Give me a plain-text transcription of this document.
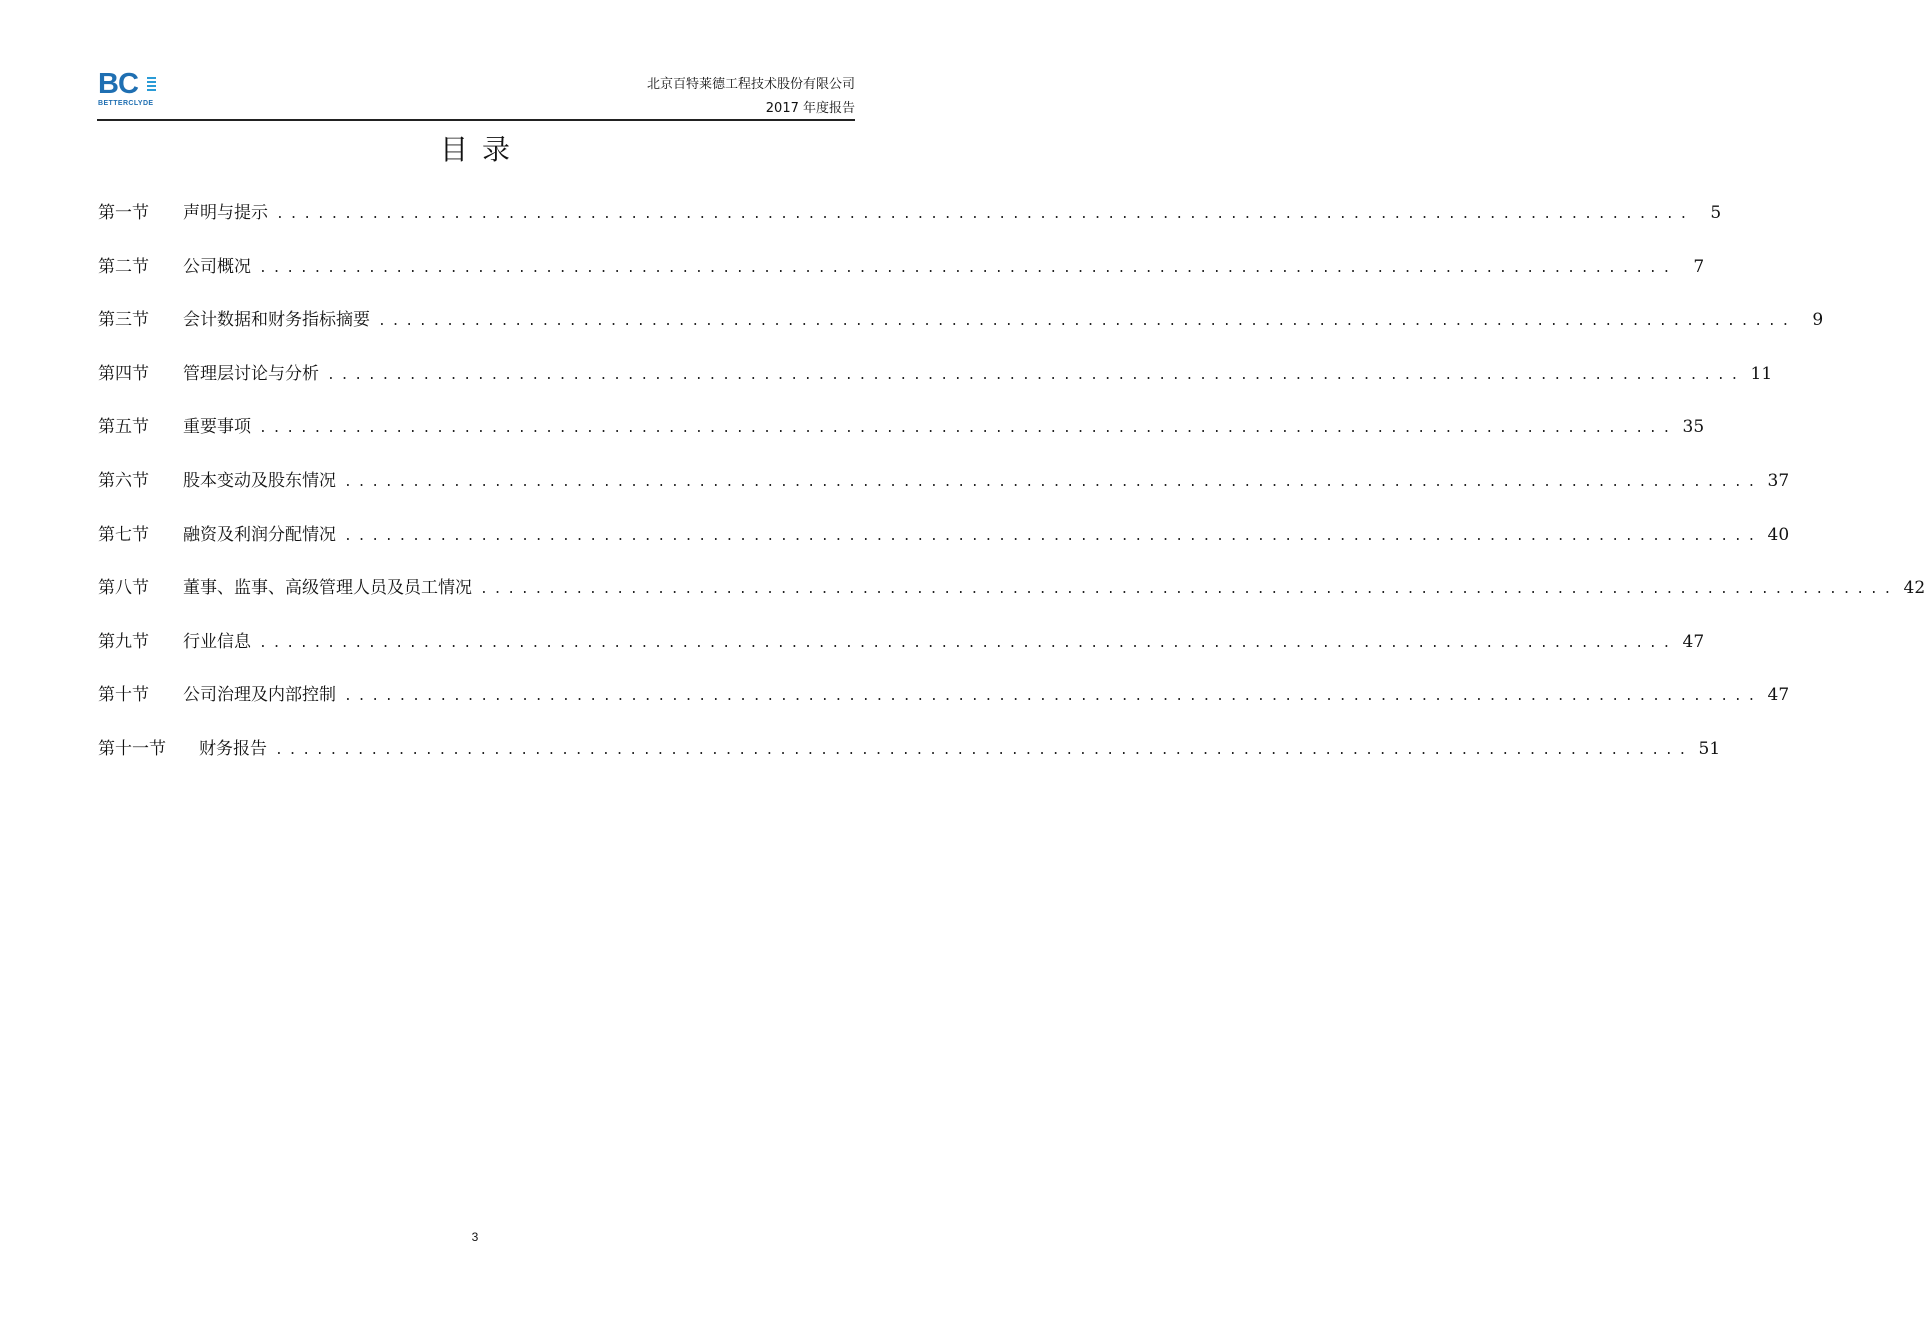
BC
BETTERCLYDE
北京百特莱德工程技术股份有限公司
2017 年度报告
目录
第一节	声明与提示 ........................................................................................................	5
第二节	公司概况 ........................................................................................................	7
第三节	会计数据和财务指标摘要 ........................................................................................................	9
第四节	管理层讨论与分析 ........................................................................................................ 11
第五节	重要事项 ........................................................................................................ 35
第六节	股本变动及股东情况 ........................................................................................................ 37
第七节	融资及利润分配情况 ........................................................................................................ 40
第八节	董事、监事、高级管理人员及员工情况 ........................................................................................................ 42
第九节	行业信息 ........................................................................................................ 47
第十节	公司治理及内部控制 ........................................................................................................ 47
第十一节	财务报告 ........................................................................................................ 51
3
